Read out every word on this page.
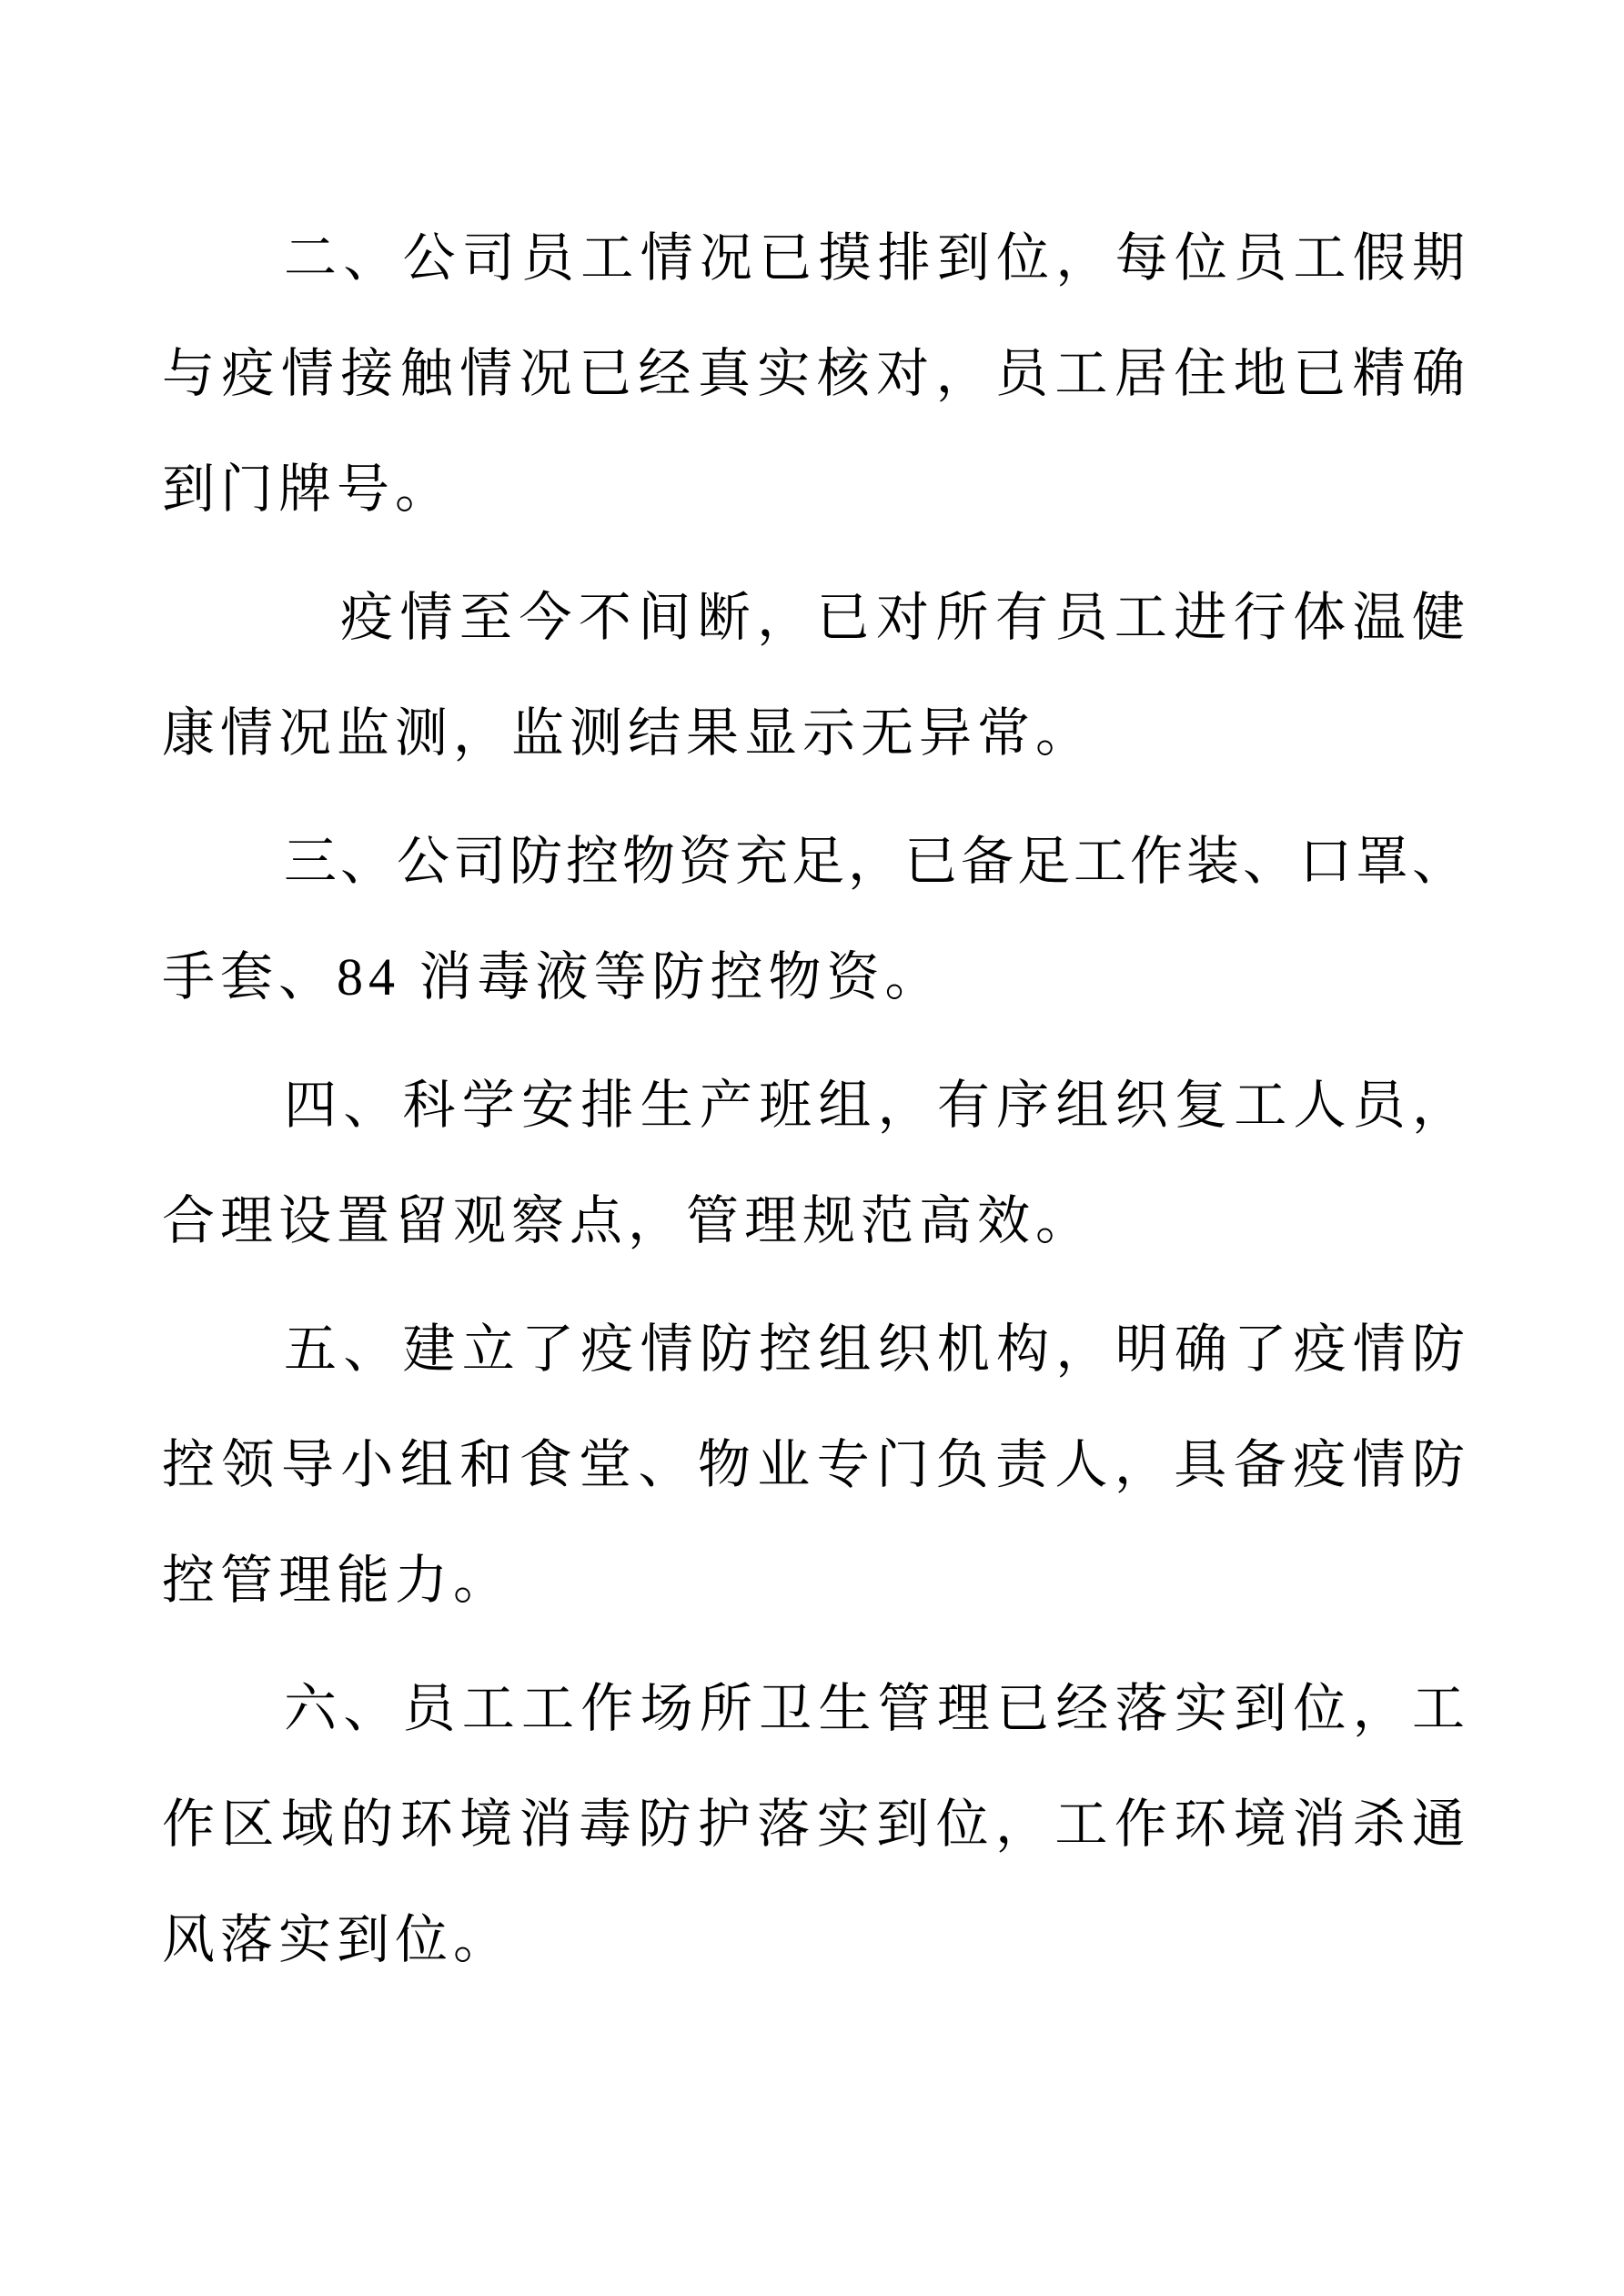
二、公司员工情况已摸排到位，每位员工假期
与疫情接触情况已经真实核对，员工居住地已精确
到门牌号。
疫情至今不间断，已对所有员工进行体温健
康情况监测，监测结果显示无异常。
三、公司防控物资充足，已备足工作装、口罩、
手套、84 消毒液等防控物资。
四、科学安排生产班组，有序组织复工人员，
合理设置留观察点，管理规范高效。
五、建立了疫情防控组织机构，明确了疫情防
控领导小组和食堂、物业专门负责人，具备疫情防
控管理能力。
六、员工工作场所卫生管理已经落实到位，工
作区域的环境消毒防护落实到位，工作环境消杀通
风落实到位。
